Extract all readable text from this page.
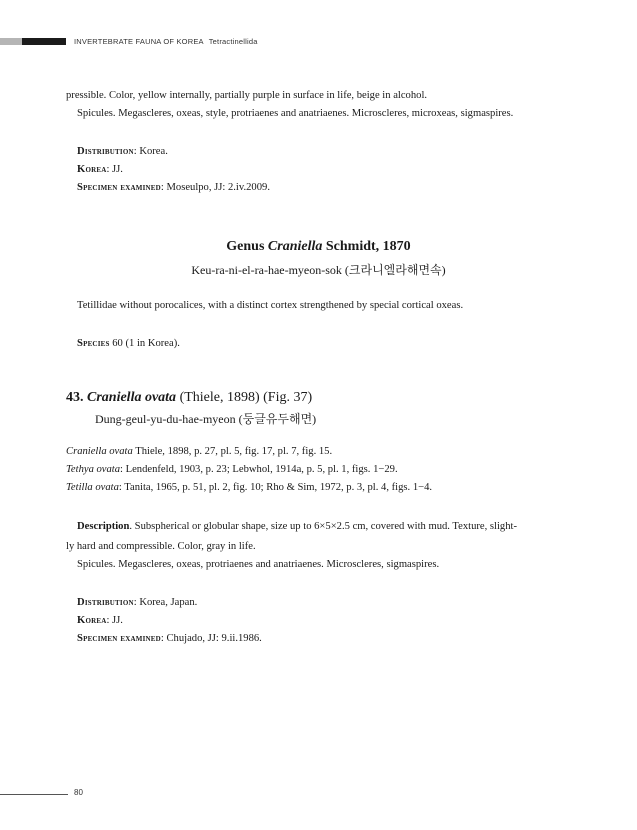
INVERTEBRATE FAUNA OF KOREA Tetractinellida
pressible. Color, yellow internally, partially purple in surface in life, beige in alcohol.
Spicules. Megascleres, oxeas, style, protriaenes and anatriaenes. Microscleres, microxeas, sigmaspires.
Distribution: Korea.
Korea: JJ.
Specimen examined: Moseulpo, JJ: 2.iv.2009.
Genus Craniella Schmidt, 1870
Keu-ra-ni-el-ra-hae-myeon-sok (크라니엘라해면속)
Tetillidae without porocalices, with a distinct cortex strengthened by special cortical oxeas.
Species 60 (1 in Korea).
43. Craniella ovata (Thiele, 1898) (Fig. 37)
Dung-geul-yu-du-hae-myeon (둥글유두해면)
Craniella ovata Thiele, 1898, p. 27, pl. 5, fig. 17, pl. 7, fig. 15.
Tethya ovata: Lendenfeld, 1903, p. 23; Lebwhol, 1914a, p. 5, pl. 1, figs. 1−29.
Tetilla ovata: Tanita, 1965, p. 51, pl. 2, fig. 10; Rho & Sim, 1972, p. 3, pl. 4, figs. 1−4.
Description. Subspherical or globular shape, size up to 6×5×2.5 cm, covered with mud. Texture, slight-
ly hard and compressible. Color, gray in life.
Spicules. Megascleres, oxeas, protriaenes and anatriaenes. Microscleres, sigmaspires.
Distribution: Korea, Japan.
Korea: JJ.
Specimen examined: Chujado, JJ: 9.ii.1986.
80
